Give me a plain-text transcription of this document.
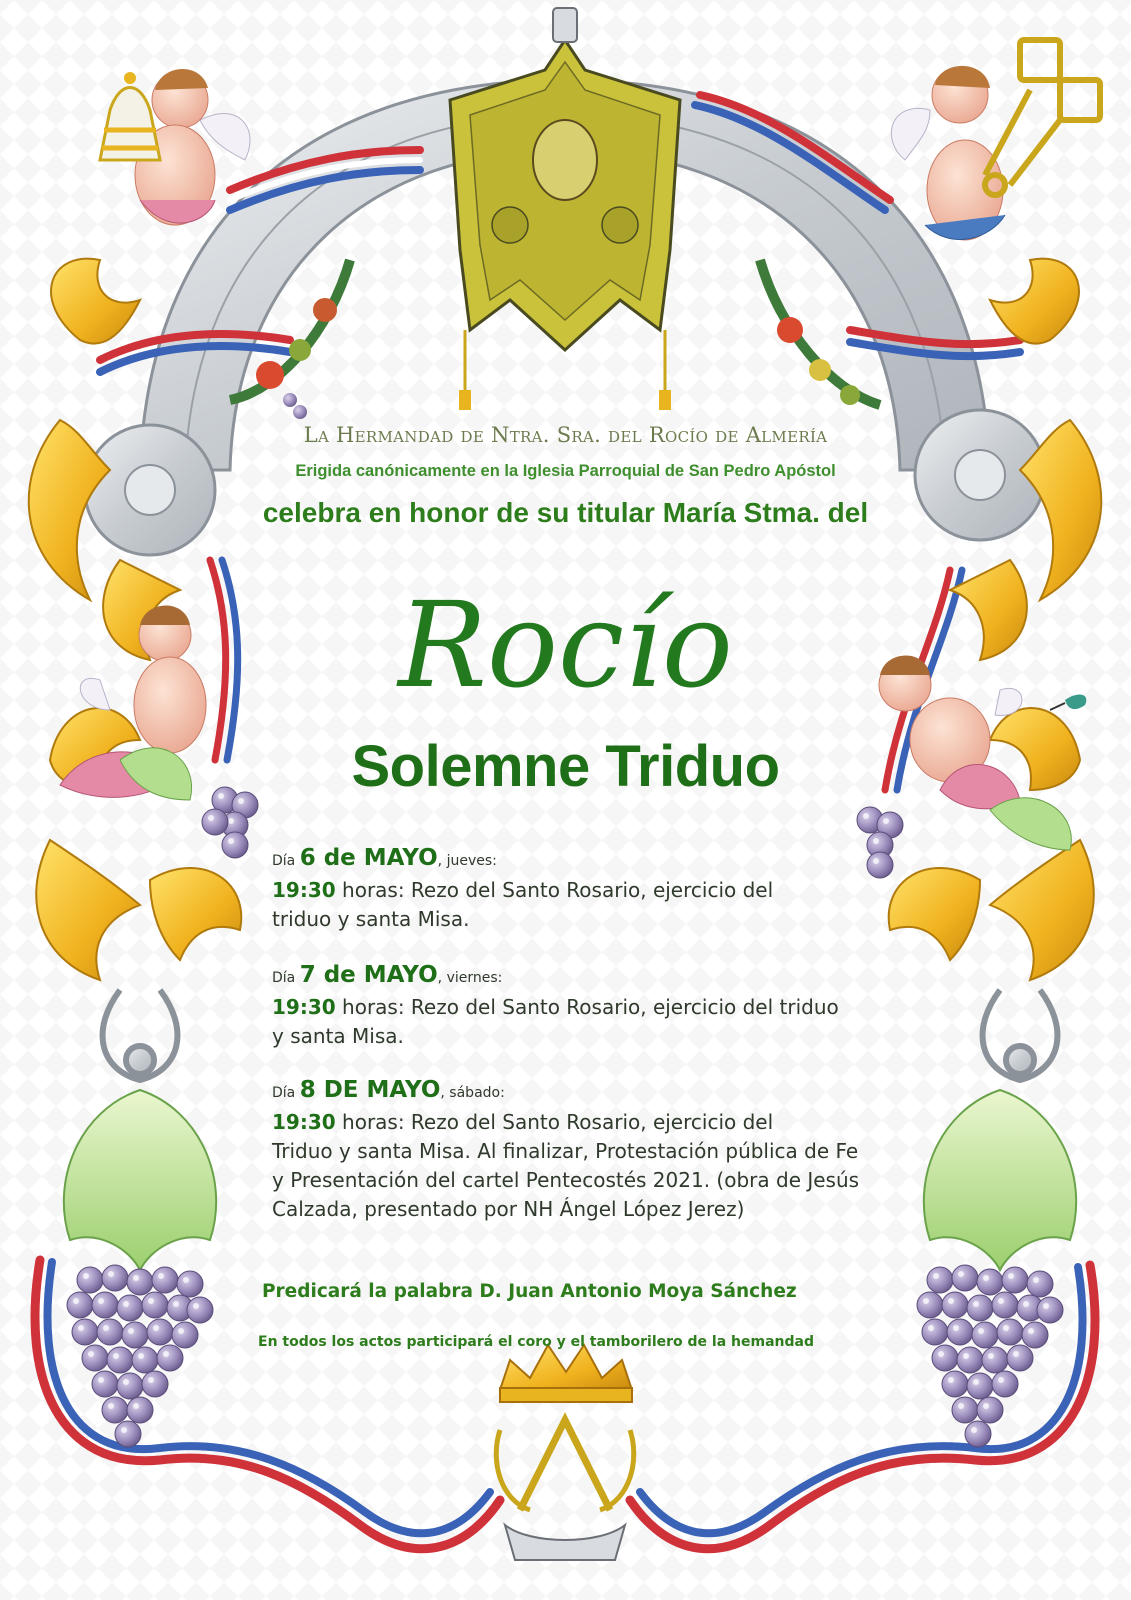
La Hermandad de Ntra. Sra. del Rocío de Almería

Erigida canónicamente en la Iglesia Parroquial de San Pedro Apóstol

celebra en honor de su titular María Stma. del

Rocío

Solemne Triduo

Día 6 de MAYO, jueves:

19:30 horas: Rezo del Santo Rosario, ejercicio del
triduo y santa Misa.

Día 7 de MAYO, viernes:

19:30 horas: Rezo del Santo Rosario, ejercicio del triduo
y santa Misa.

Día 8 DE MAYO, sábado:

19:30 horas: Rezo del Santo Rosario, ejercicio del
Triduo y santa Misa. Al finalizar, Protestación pública de Fe y Presentación del cartel Pentecostés 2021. (obra de Jesús Calzada, presentado por NH Ángel López Jerez)

Predicará la palabra D. Juan Antonio Moya Sánchez

En todos los actos participará el coro y el tamborilero de la hemandad
